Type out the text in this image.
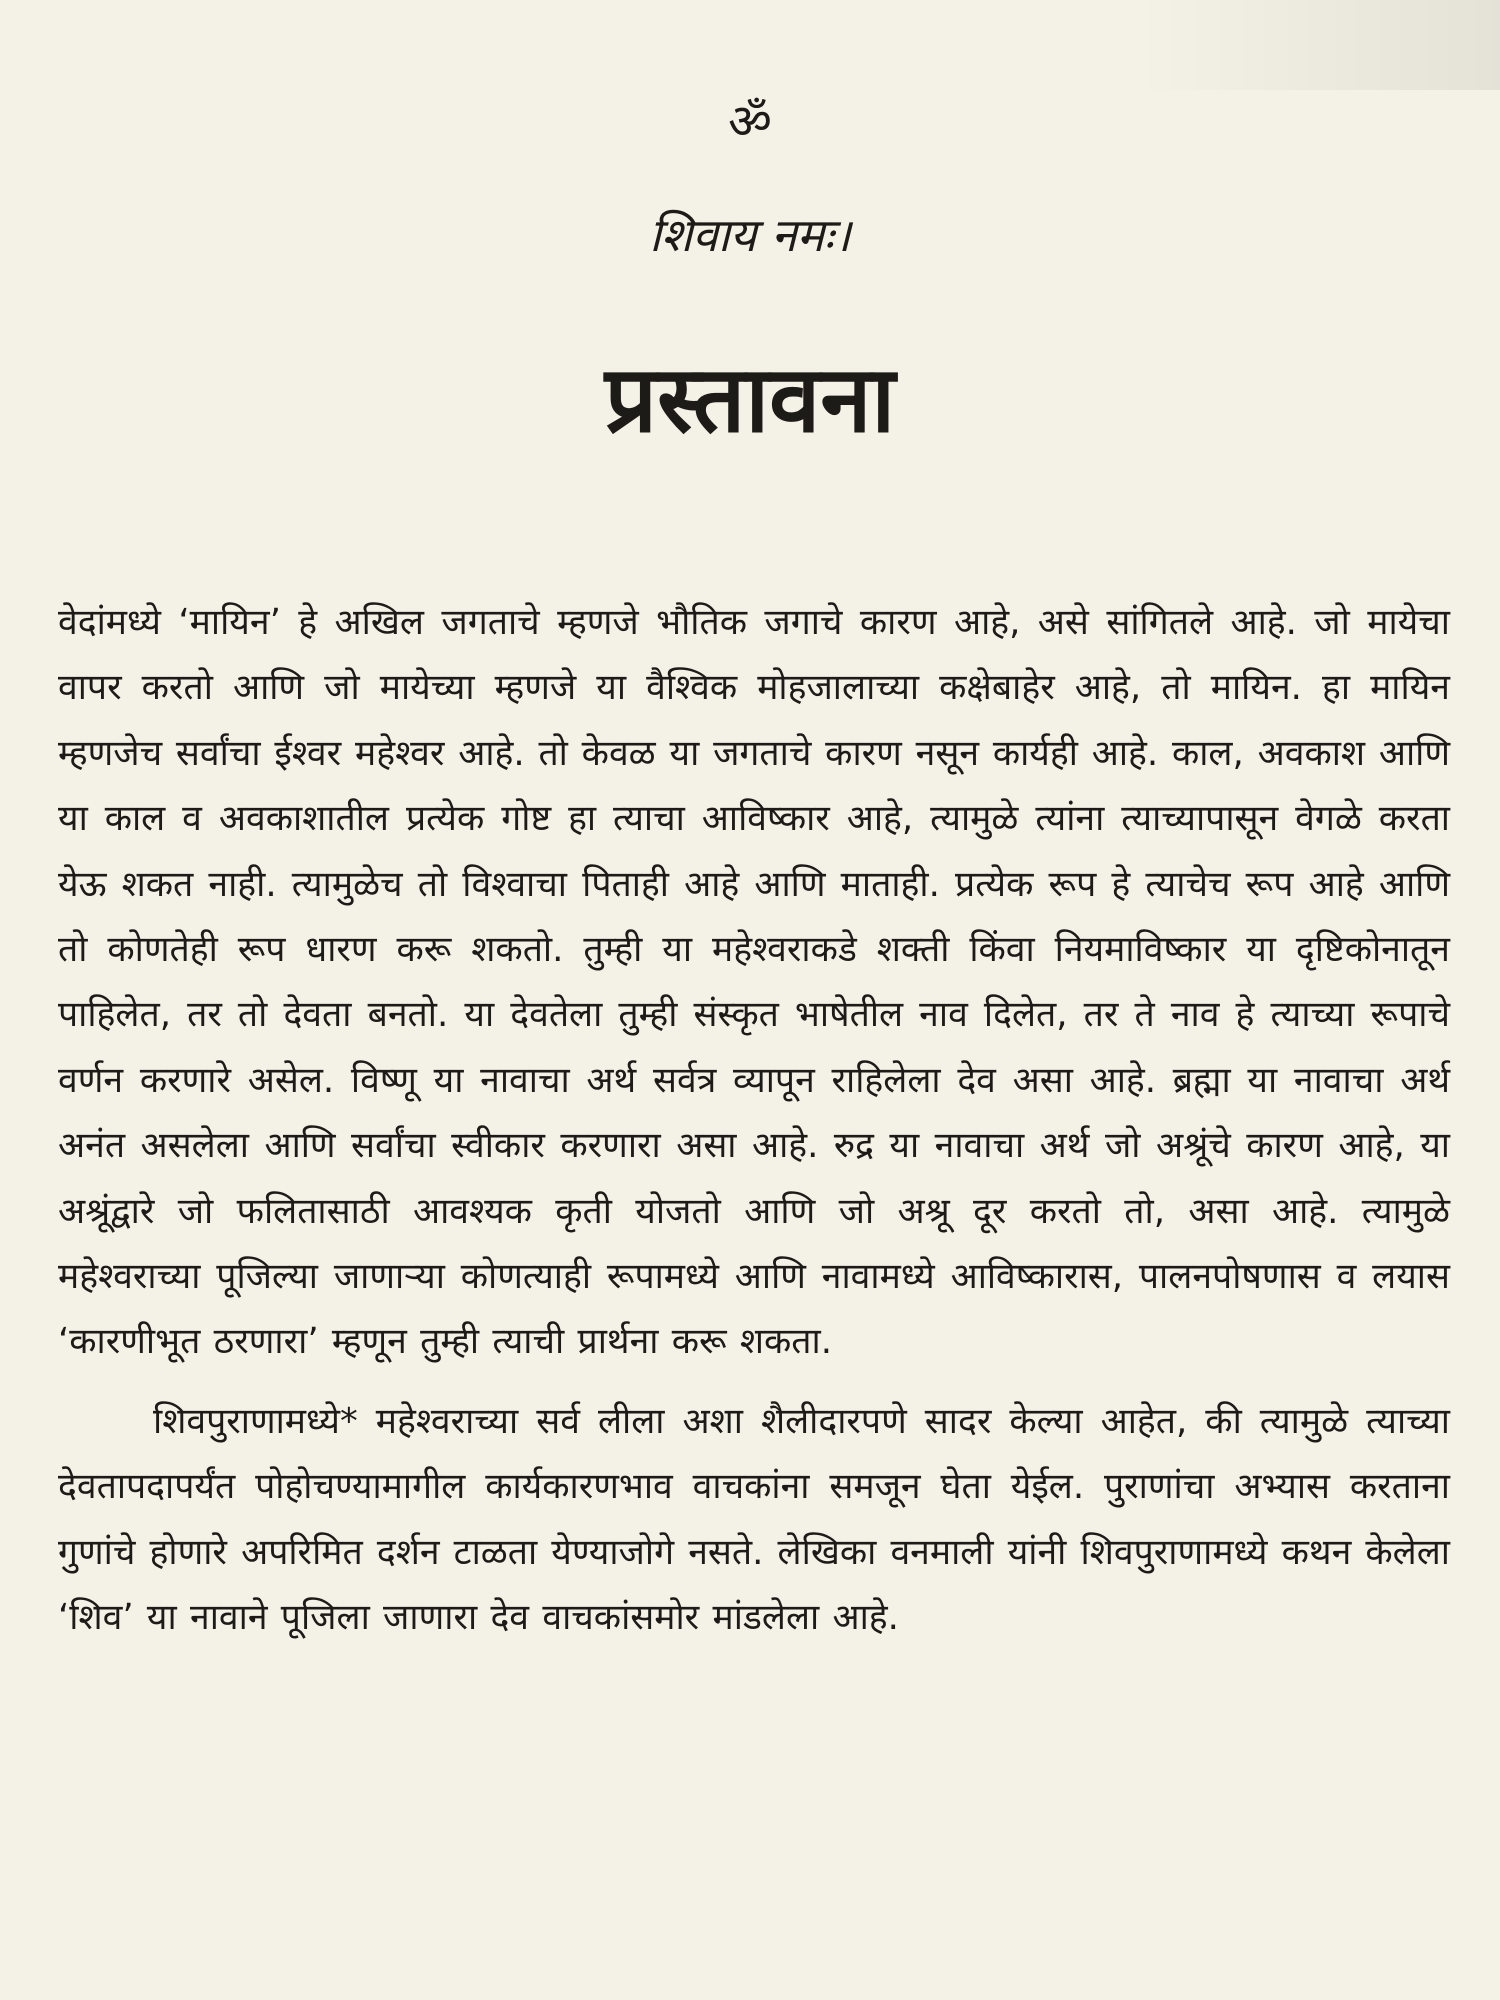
ॐ
शिवाय नमः।
प्रस्तावना

वेदांमध्ये ‘मायिन’ हे अखिल जगताचे म्हणजे भौतिक जगाचे कारण आहे, असे सांगितले आहे. जो मायेचा वापर करतो आणि जो मायेच्या म्हणजे या वैश्विक मोहजालाच्या कक्षेबाहेर आहे, तो मायिन. हा मायिन म्हणजेच सर्वांचा ईश्वर महेश्वर आहे. तो केवळ या जगताचे कारण नसून कार्यही आहे. काल, अवकाश आणि या काल व अवकाशातील प्रत्येक गोष्ट हा त्याचा आविष्कार आहे, त्यामुळे त्यांना त्याच्यापासून वेगळे करता येऊ शकत नाही. त्यामुळेच तो विश्वाचा पिताही आहे आणि माताही. प्रत्येक रूप हे त्याचेच रूप आहे आणि तो कोणतेही रूप धारण करू शकतो. तुम्ही या महेश्वराकडे शक्ती किंवा नियमाविष्कार या दृष्टिकोनातून पाहिलेत, तर तो देवता बनतो. या देवतेला तुम्ही संस्कृत भाषेतील नाव दिलेत, तर ते नाव हे त्याच्या रूपाचे वर्णन करणारे असेल. विष्णू या नावाचा अर्थ सर्वत्र व्यापून राहिलेला देव असा आहे. ब्रह्मा या नावाचा अर्थ अनंत असलेला आणि सर्वांचा स्वीकार करणारा असा आहे. रुद्र या नावाचा अर्थ जो अश्रूंचे कारण आहे, या अश्रूंद्वारे जो फलितासाठी आवश्यक कृती योजतो आणि जो अश्रू दूर करतो तो, असा आहे. त्यामुळे महेश्वराच्या पूजिल्या जाणाऱ्या कोणत्याही रूपामध्ये आणि नावामध्ये आविष्कारास, पालनपोषणास व लयास ‘कारणीभूत ठरणारा’ म्हणून तुम्ही त्याची प्रार्थना करू शकता.

शिवपुराणामध्ये* महेश्वराच्या सर्व लीला अशा शैलीदारपणे सादर केल्या आहेत, की त्यामुळे त्याच्या देवतापदापर्यंत पोहोचण्यामागील कार्यकारणभाव वाचकांना समजून घेता येईल. पुराणांचा अभ्यास करताना गुणांचे होणारे अपरिमित दर्शन टाळता येण्याजोगे नसते. लेखिका वनमाली यांनी शिवपुराणामध्ये कथन केलेला ‘शिव’ या नावाने पूजिला जाणारा देव वाचकांसमोर मांडलेला आहे.
